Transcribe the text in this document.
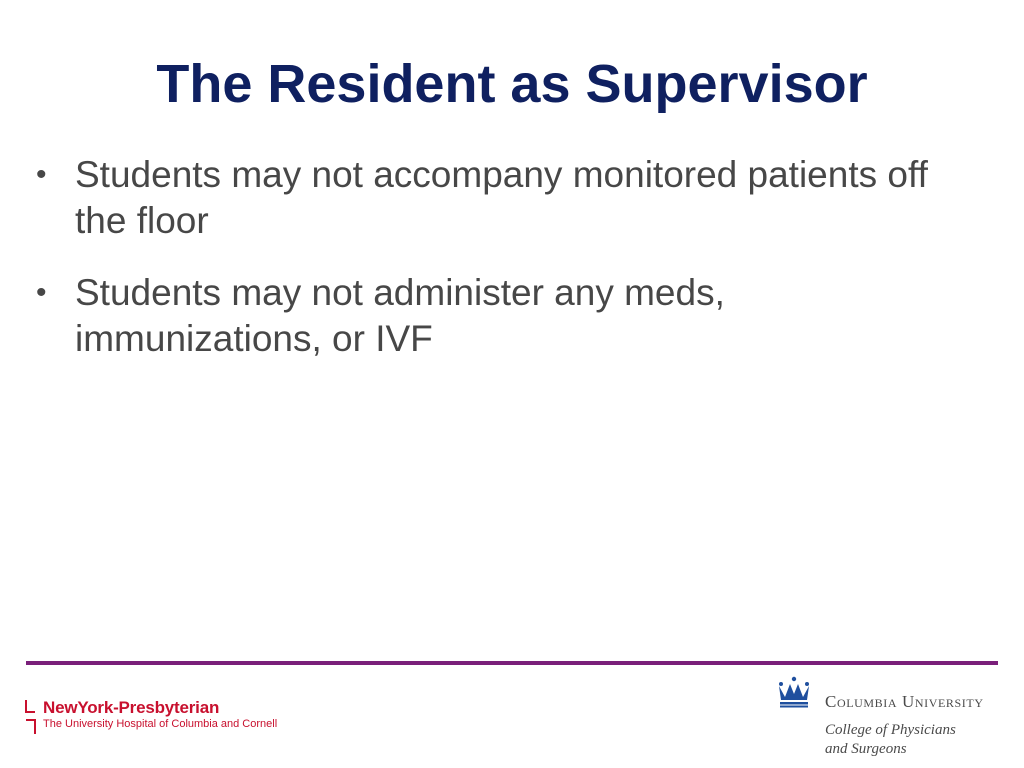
The Resident as Supervisor
• Students may not accompany monitored patients off the floor
• Students may not administer any meds, immunizations, or IVF
NewYork-Presbyterian
The University Hospital of Columbia and Cornell
Columbia University
College of Physicians
and Surgeons
